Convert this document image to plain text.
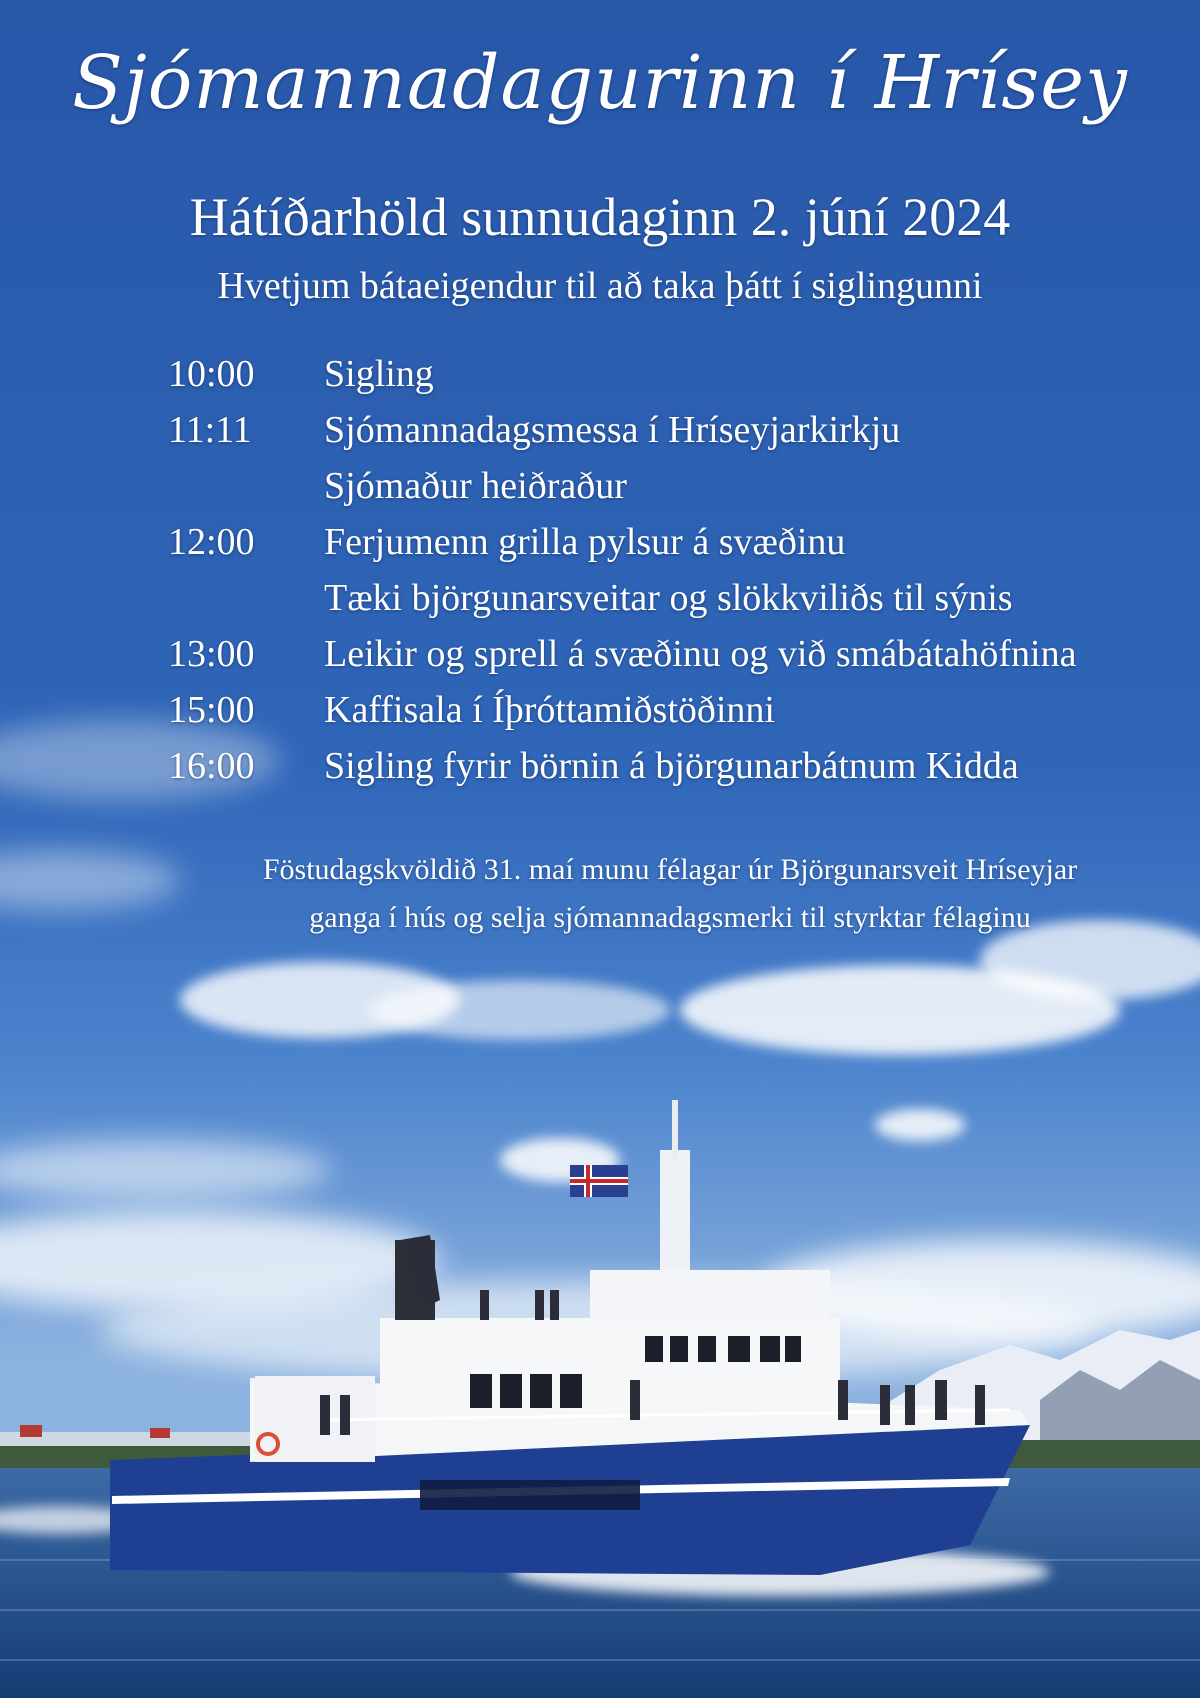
Sjómannadagurinn í Hrísey
Hátíðarhöld sunnudaginn 2. júní 2024
Hvetjum bátaeigendur til að taka þátt í siglingunni
10:00	Sigling
11:11	Sjómannadagsmessa í Hríseyjarkirkju
Sjómaður heiðraður
12:00	Ferjumenn grilla pylsur á svæðinu
Tæki björgunarsveitar og slökkviliðs til sýnis
13:00	Leikir og sprell á svæðinu og við smábátahöfnina
15:00	Kaffisala í Íþróttamiðstöðinni
16:00	Sigling fyrir börnin á björgunarbátnum Kidda
Föstudagskvöldið 31. maí munu félagar úr Björgunarsveit Hríseyjar
ganga í hús og selja sjómannadagsmerki til styrktar félaginu
